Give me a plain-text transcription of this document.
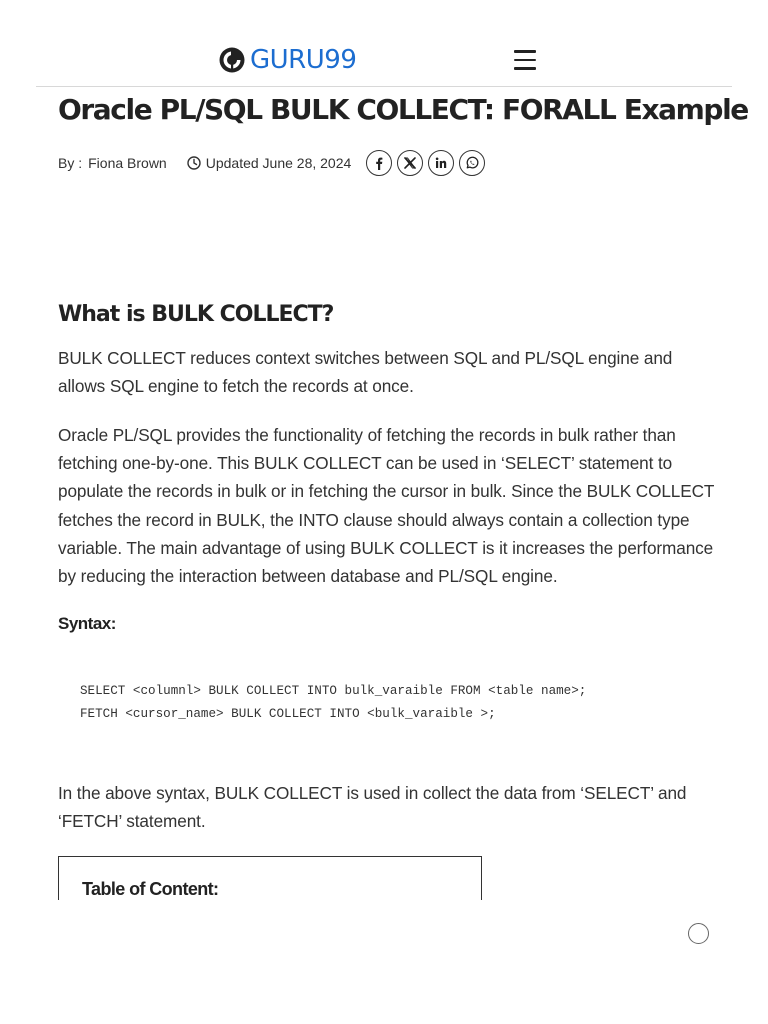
GURU99
Oracle PL/SQL BULK COLLECT: FORALL Example
By : Fiona Brown	Updated June 28, 2024
What is BULK COLLECT?

BULK COLLECT reduces context switches between SQL and PL/SQL engine and allows SQL engine to fetch the records at once.

Oracle PL/SQL provides the functionality of fetching the records in bulk rather than fetching one-by-one. This BULK COLLECT can be used in ‘SELECT’ statement to populate the records in bulk or in fetching the cursor in bulk. Since the BULK COLLECT fetches the record in BULK, the INTO clause should always contain a collection type variable. The main advantage of using BULK COLLECT is it increases the performance by reducing the interaction between database and PL/SQL engine.

Syntax:

SELECT <columnl> BULK COLLECT INTO bulk_varaible FROM <table name>;
FETCH <cursor_name> BULK COLLECT INTO <bulk_varaible >;

In the above syntax, BULK COLLECT is used in collect the data from ‘SELECT’ and ‘FETCH’ statement.

Table of Content:
